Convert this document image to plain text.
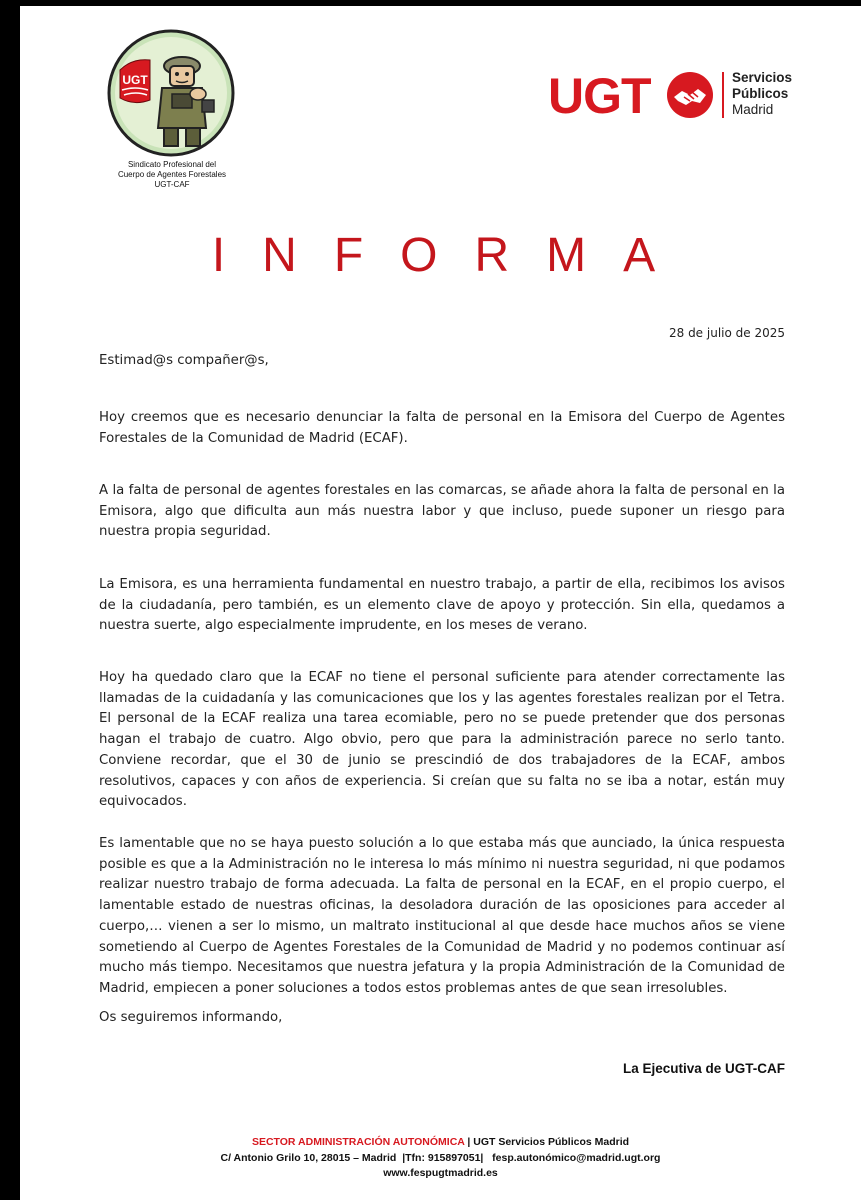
UGT
Sindicato Profesional del
Cuerpo de Agentes Forestales
UGT-CAF
UGT	Servicios
Públicos
Madrid
INFORMA
28 de julio de 2025

Estimad@s compañer@s,

Hoy creemos que es necesario denunciar la falta de personal en la Emisora del Cuerpo de Agentes Forestales de la Comunidad de Madrid (ECAF).

A la falta de personal de agentes forestales en las comarcas, se añade ahora la falta de personal en la Emisora, algo que dificulta aun más nuestra labor y que incluso, puede suponer un riesgo para nuestra propia seguridad.

La Emisora, es una herramienta fundamental en nuestro trabajo, a partir de ella, recibimos los avisos de la ciudadanía, pero también, es un elemento clave de apoyo y protección. Sin ella, quedamos a nuestra suerte, algo especialmente imprudente, en los meses de verano.

Hoy ha quedado claro que la ECAF no tiene el personal suficiente para atender correctamente las llamadas de la cuidadanía y las comunicaciones que los y las agentes forestales realizan por el Tetra. El personal de la ECAF realiza una tarea ecomiable, pero no se puede pretender que dos personas hagan el trabajo de cuatro. Algo obvio, pero que para la administración parece no serlo tanto. Conviene recordar, que el 30 de junio se prescindió de dos trabajadores de la ECAF, ambos resolutivos, capaces y con años de experiencia. Si creían que su falta no se iba a notar, están muy equivocados.

Es lamentable que no se haya puesto solución a lo que estaba más que aunciado, la única respuesta posible es que a la Administración no le interesa lo más mínimo ni nuestra seguridad, ni que podamos realizar nuestro trabajo de forma adecuada. La falta de personal en la ECAF, en el propio cuerpo, el lamentable estado de nuestras oficinas, la desoladora duración de las oposiciones para acceder al cuerpo,… vienen a ser lo mismo, un maltrato institucional al que desde hace muchos años se viene sometiendo al Cuerpo de Agentes Forestales de la Comunidad de Madrid y no podemos continuar así mucho más tiempo. Necesitamos que nuestra jefatura y la propia Administración de la Comunidad de Madrid, empiecen a poner soluciones a todos estos problemas antes de que sean irresolubles.

Os seguiremos informando,

La Ejecutiva de UGT-CAF
SECTOR ADMINISTRACIÓN AUTONÓMICA | UGT Servicios Públicos Madrid
C/ Antonio Grilo 10, 28015 – Madrid |Tfn: 915897051| fesp.autonómico@madrid.ugt.org
www.fespugtmadrid.es
